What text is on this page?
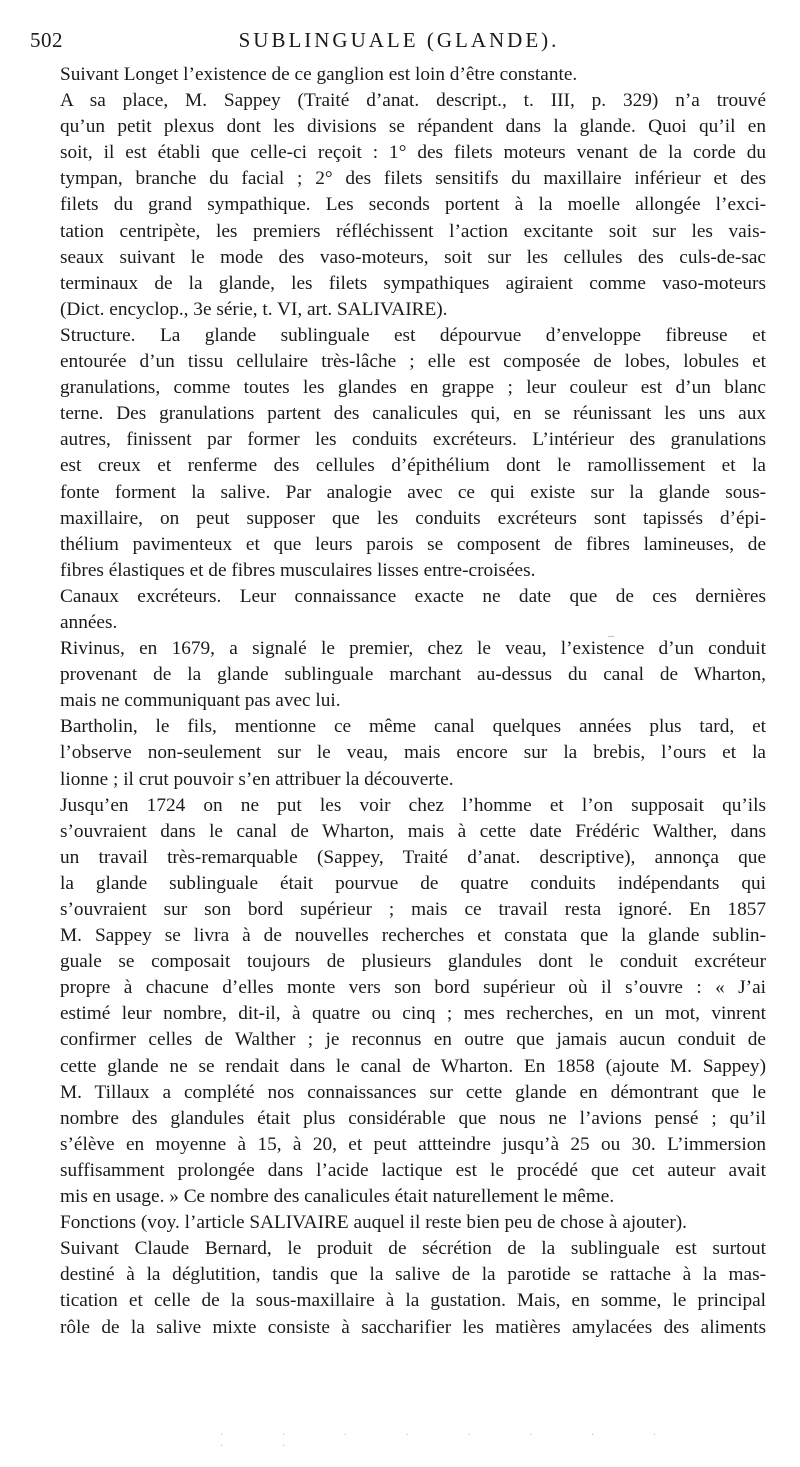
502	SUBLINGUALE (GLANDE).
Suivant Longet l’existence de ce ganglion est loin d’être constante.
A sa place, M. Sappey (Traité d’anat. descript., t. III, p. 329) n’a trouvé
qu’un petit plexus dont les divisions se répandent dans la glande. Quoi qu’il en
soit, il est établi que celle-ci reçoit : 1° des filets moteurs venant de la corde du
tympan, branche du facial ; 2° des filets sensitifs du maxillaire inférieur et des
filets du grand sympathique. Les seconds portent à la moelle allongée l’exci-
tation centripète, les premiers réfléchissent l’action excitante soit sur les vais-
seaux suivant le mode des vaso-moteurs, soit sur les cellules des culs-de-sac
terminaux de la glande, les filets sympathiques agiraient comme vaso-moteurs
(Dict. encyclop., 3e série, t. VI, art. SALIVAIRE).
Structure. La glande sublinguale est dépourvue d’enveloppe fibreuse et
entourée d’un tissu cellulaire très-lâche ; elle est composée de lobes, lobules et
granulations, comme toutes les glandes en grappe ; leur couleur est d’un blanc
terne. Des granulations partent des canalicules qui, en se réunissant les uns aux
autres, finissent par former les conduits excréteurs. L’intérieur des granulations
est creux et renferme des cellules d’épithélium dont le ramollissement et la
fonte forment la salive. Par analogie avec ce qui existe sur la glande sous-
maxillaire, on peut supposer que les conduits excréteurs sont tapissés d’épi-
thélium pavimenteux et que leurs parois se composent de fibres lamineuses, de
fibres élastiques et de fibres musculaires lisses entre-croisées.
Canaux excréteurs. Leur connaissance exacte ne date que de ces dernières
années.
Rivinus, en 1679, a signalé le premier, chez le veau, l’existence d’un conduit
provenant de la glande sublinguale marchant au-dessus du canal de Wharton,
mais ne communiquant pas avec lui.
Bartholin, le fils, mentionne ce même canal quelques années plus tard, et
l’observe non-seulement sur le veau, mais encore sur la brebis, l’ours et la
lionne ; il crut pouvoir s’en attribuer la découverte.
Jusqu’en 1724 on ne put les voir chez l’homme et l’on supposait qu’ils
s’ouvraient dans le canal de Wharton, mais à cette date Frédéric Walther, dans
un travail très-remarquable (Sappey, Traité d’anat. descriptive), annonça que
la glande sublinguale était pourvue de quatre conduits indépendants qui
s’ouvraient sur son bord supérieur ; mais ce travail resta ignoré. En 1857
M. Sappey se livra à de nouvelles recherches et constata que la glande sublin-
guale se composait toujours de plusieurs glandules dont le conduit excréteur
propre à chacune d’elles monte vers son bord supérieur où il s’ouvre : « J’ai
estimé leur nombre, dit-il, à quatre ou cinq ; mes recherches, en un mot, vinrent
confirmer celles de Walther ; je reconnus en outre que jamais aucun conduit de
cette glande ne se rendait dans le canal de Wharton. En 1858 (ajoute M. Sappey)
M. Tillaux a complété nos connaissances sur cette glande en démontrant que le
nombre des glandules était plus considérable que nous ne l’avions pensé ; qu’il
s’élève en moyenne à 15, à 20, et peut attteindre jusqu’à 25 ou 30. L’immersion
suffisamment prolongée dans l’acide lactique est le procédé que cet auteur avait
mis en usage. » Ce nombre des canalicules était naturellement le même.
Fonctions (voy. l’article SALIVAIRE auquel il reste bien peu de chose à ajouter).
Suivant Claude Bernard, le produit de sécrétion de la sublinguale est surtout
destiné à la déglutition, tandis que la salive de la parotide se rattache à la mas-
tication et celle de la sous-maxillaire à la gustation. Mais, en somme, le principal
rôle de la salive mixte consiste à saccharifier les matières amylacées des aliments
–
· · · · · · · · · ·
